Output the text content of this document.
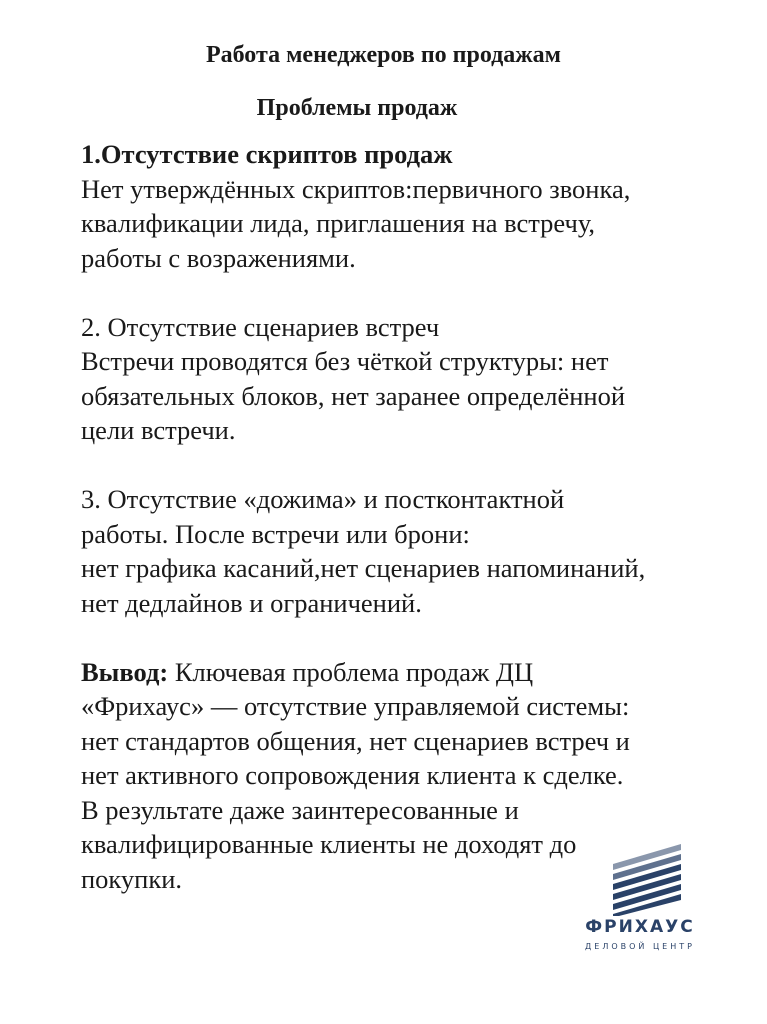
Работа менеджеров по продажам
Проблемы продаж

1.Отсутствие скриптов продаж
Нет утверждённых скриптов:первичного звонка,
квалификации лида, приглашения на встречу,
работы с возражениями.

2. Отсутствие сценариев встреч
Встречи проводятся без чёткой структуры: нет
обязательных блоков, нет заранее определённой
цели встречи.

3. Отсутствие «дожима» и постконтактной
работы. После встречи или брони:
нет графика касаний,нет сценариев напоминаний,
нет дедлайнов и ограничений.

Вывод: Ключевая проблема продаж ДЦ
«Фрихаус» — отсутствие управляемой системы:
нет стандартов общения, нет сценариев встреч и
нет активного сопровождения клиента к сделке.
В результате даже заинтересованные и
квалифицированные клиенты не доходят до
покупки.

ФРИХАУС
ДЕЛОВОЙ ЦЕНТР
